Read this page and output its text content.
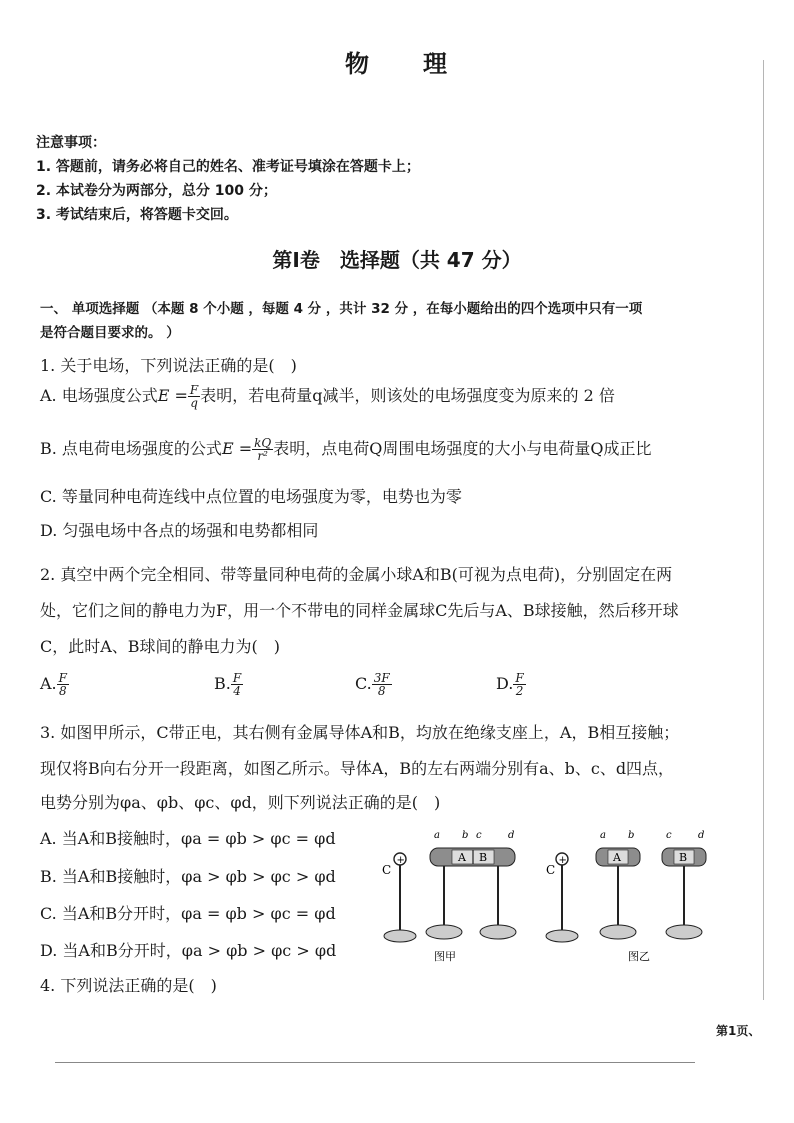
物　　理
注意事项：
1. 答题前，请务必将自己的姓名、准考证号填涂在答题卡上；
2. 本试卷分为两部分，总分 100 分；
3. 考试结束后，将答题卡交回。
第Ⅰ卷　选择题（共 47 分）
一、 单项选择题 （本题 8 个小题 ，每题 4 分 ，共计 32 分 ，在每小题给出的四个选项中只有一项
是符合题目要求的。 ）
1. 关于电场，下列说法正确的是(　)
A. 电场强度公式$E = \frac{F}{q}$ 表明，若电荷量q减半，则该处的电场强度变为原来的 2 倍
B. 点电荷电场强度的公式$E = \frac{kQ}{\text{r²}}$ 表明，点电荷Q周围电场强度的大小与电荷量Q成正比
C. 等量同种电荷连线中点位置的电场强度为零，电势也为零
D. 匀强电场中各点的场强和电势都相同
2. 真空中两个完全相同、带等量同种电荷的金属小球A和B(可视为点电荷)，分别固定在两
处，它们之间的静电力为F，用一个不带电的同样金属球C先后与A、B球接触，然后移开球
C，此时A、B球间的静电力为(　)
A. $\frac{F}{8}$	B. $\frac{F}{4}$	C. $\frac{3F}{8}$	D. $\frac{F}{2}$
3. 如图甲所示，C带正电，其右侧有金属导体A和B，均放在绝缘支座上，A，B相互接触；
现仅将B向右分开一段距离，如图乙所示。导体A，B的左右两端分别有a、b、c、d四点，
电势分别为φa、φb、φc、φd，则下列说法正确的是(　)
A. 当A和B接触时，φa = φb > φc = φd
B. 当A和B接触时，φa > φb > φc > φd
C. 当A和B分开时，φa = φb > φc = φd
D. 当A和B分开时，φa > φb > φc > φd
C
+
a b c	d
A B
图甲
C
+
a b	c	d
A	B
图乙
4. 下列说法正确的是(　)
第1页、
